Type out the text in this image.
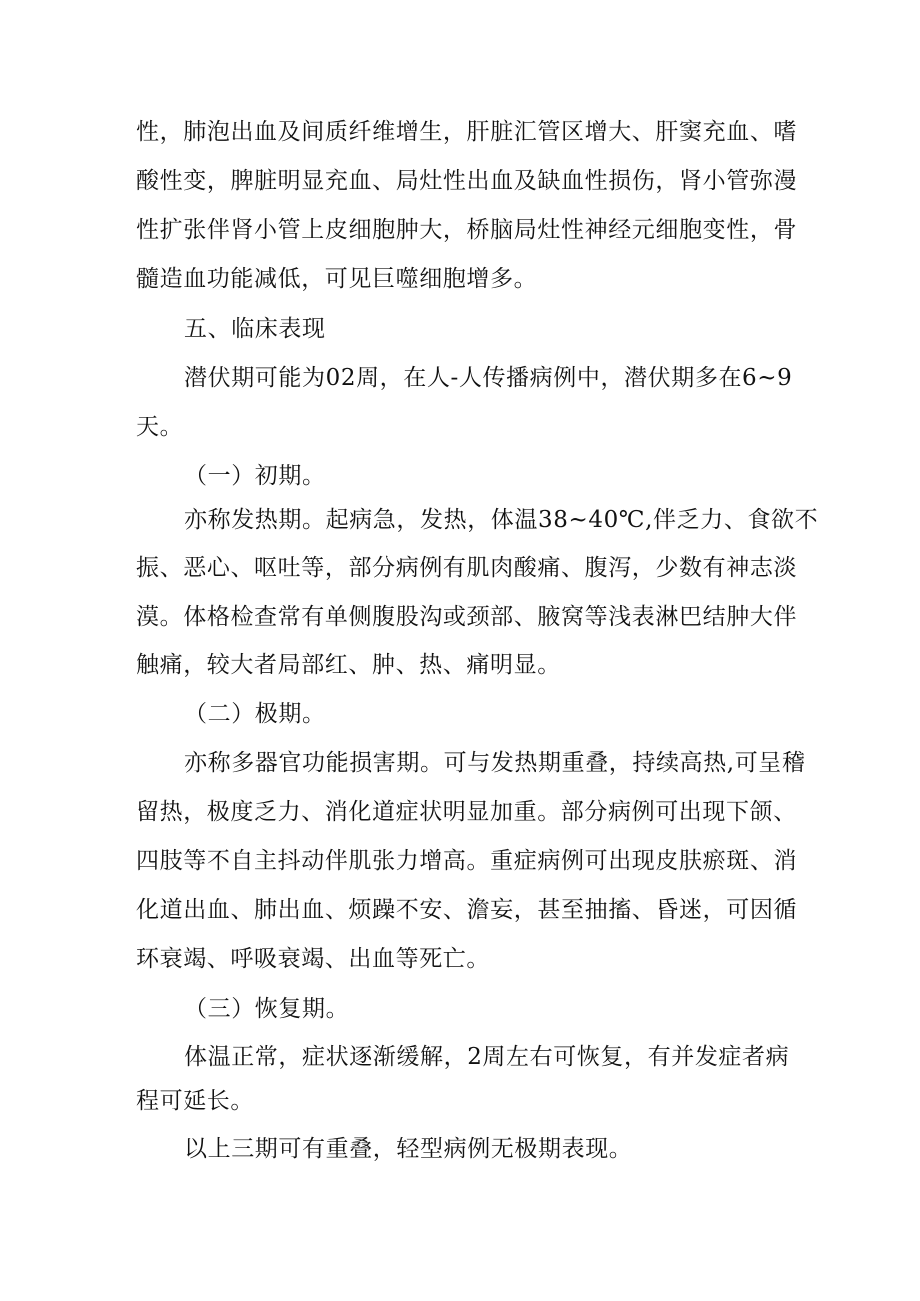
性 ， 肺 泡 出 血 及 间 质 纤 维 增 生 ， 肝 脏 汇 管 区 增 大 、 肝 窦 充 血 、 嗜
酸 性 变 ， 脾 脏 明 显 充 血 、 局 灶 性 出 血 及 缺 血 性 损 伤 ， 肾 小 管 弥 漫
性 扩 张 伴 肾 小 管 上 皮 细 胞 肿 大 ， 桥 脑 局 灶 性 神 经 元 细 胞 变 性 ， 骨
髓造血功能减低，可见巨噬细胞增多。
五、临床表现
潜伏期可能为02周，在人-人传播病例中，潜伏期多在6~9
天。
（一）初期。
亦称发热期。起病急，发热，体温38~40℃,伴乏力、食欲不
振 、 恶 心 、 呕 吐 等 ， 部 分 病 例 有 肌 肉 酸 痛 、 腹 泻 ， 少 数 有 神 志 淡
漠 。 体 格 检 查 常 有 单 侧 腹 股 沟 或 颈 部 、 腋 窝 等 浅 表 淋 巴 结 肿 大 伴
触痛，较大者局部红、肿、热、痛明显。
（二）极期。
亦称多器官功能损害期。可与发热期重叠，持续高热,可呈稽
留热，极度乏力、消化道症状明显加重。部分病例可出现下颌、
四 肢 等 不 自 主 抖 动 伴 肌 张 力 增 高 。 重 症 病 例 可 出 现 皮 肤 瘀 斑 、 消
化 道 出 血 、 肺 出 血 、 烦 躁 不 安 、 澹 妄 ， 甚 至 抽 搐 、 昏 迷 ， 可 因 循
环衰竭、呼吸衰竭、出血等死亡。
（三）恢复期。
体温正常，症状逐渐缓解，2周左右可恢复，有并发症者病
程可延长。
以上三期可有重叠，轻型病例无极期表现。
